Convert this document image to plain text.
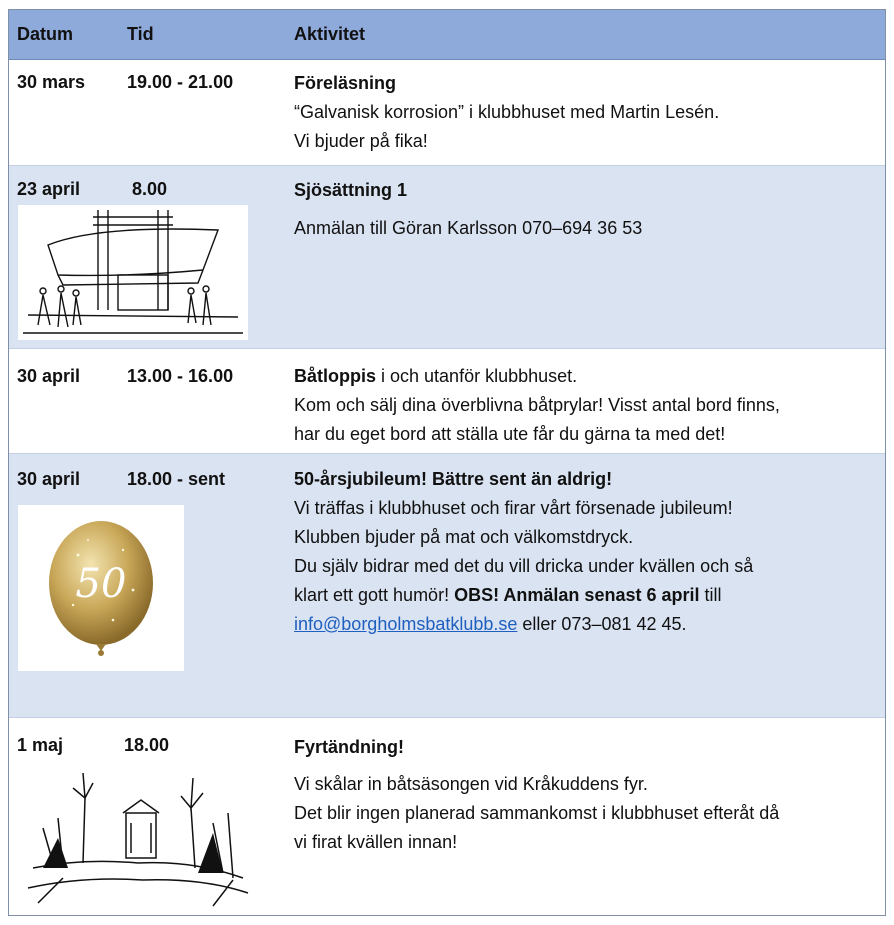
Datum	Tid	Aktivitet
30 mars 19.00 - 21.00	Föreläsning
“Galvanisk korrosion” i klubbhuset med Martin Lesén.
Vi bjuder på fika!
23 april	8.00	Sjösättning 1
Anmälan till Göran Karlsson 070–694 36 53
30 april	13.00 - 16.00	Båtloppis i och utanför klubbhuset.
Kom och sälj dina överblivna båtprylar! Visst antal bord finns,
har du eget bord att ställa ute får du gärna ta med det!
30 april	18.00 - sent
50
50-årsjubileum! Bättre sent än aldrig!
Vi träffas i klubbhuset och firar vårt försenade jubileum!
Klubben bjuder på mat och välkomstdryck.
Du själv bidrar med det du vill dricka under kvällen och så
klart ett gott humör! OBS! Anmälan senast 6 april till
info@borgholmsbatklubb.se eller 073–081 42 45.
1 maj	18.00	Fyrtändning!
Vi skålar in båtsäsongen vid Kråkuddens fyr.
Det blir ingen planerad sammankomst i klubbhuset efteråt då
vi firat kvällen innan!
